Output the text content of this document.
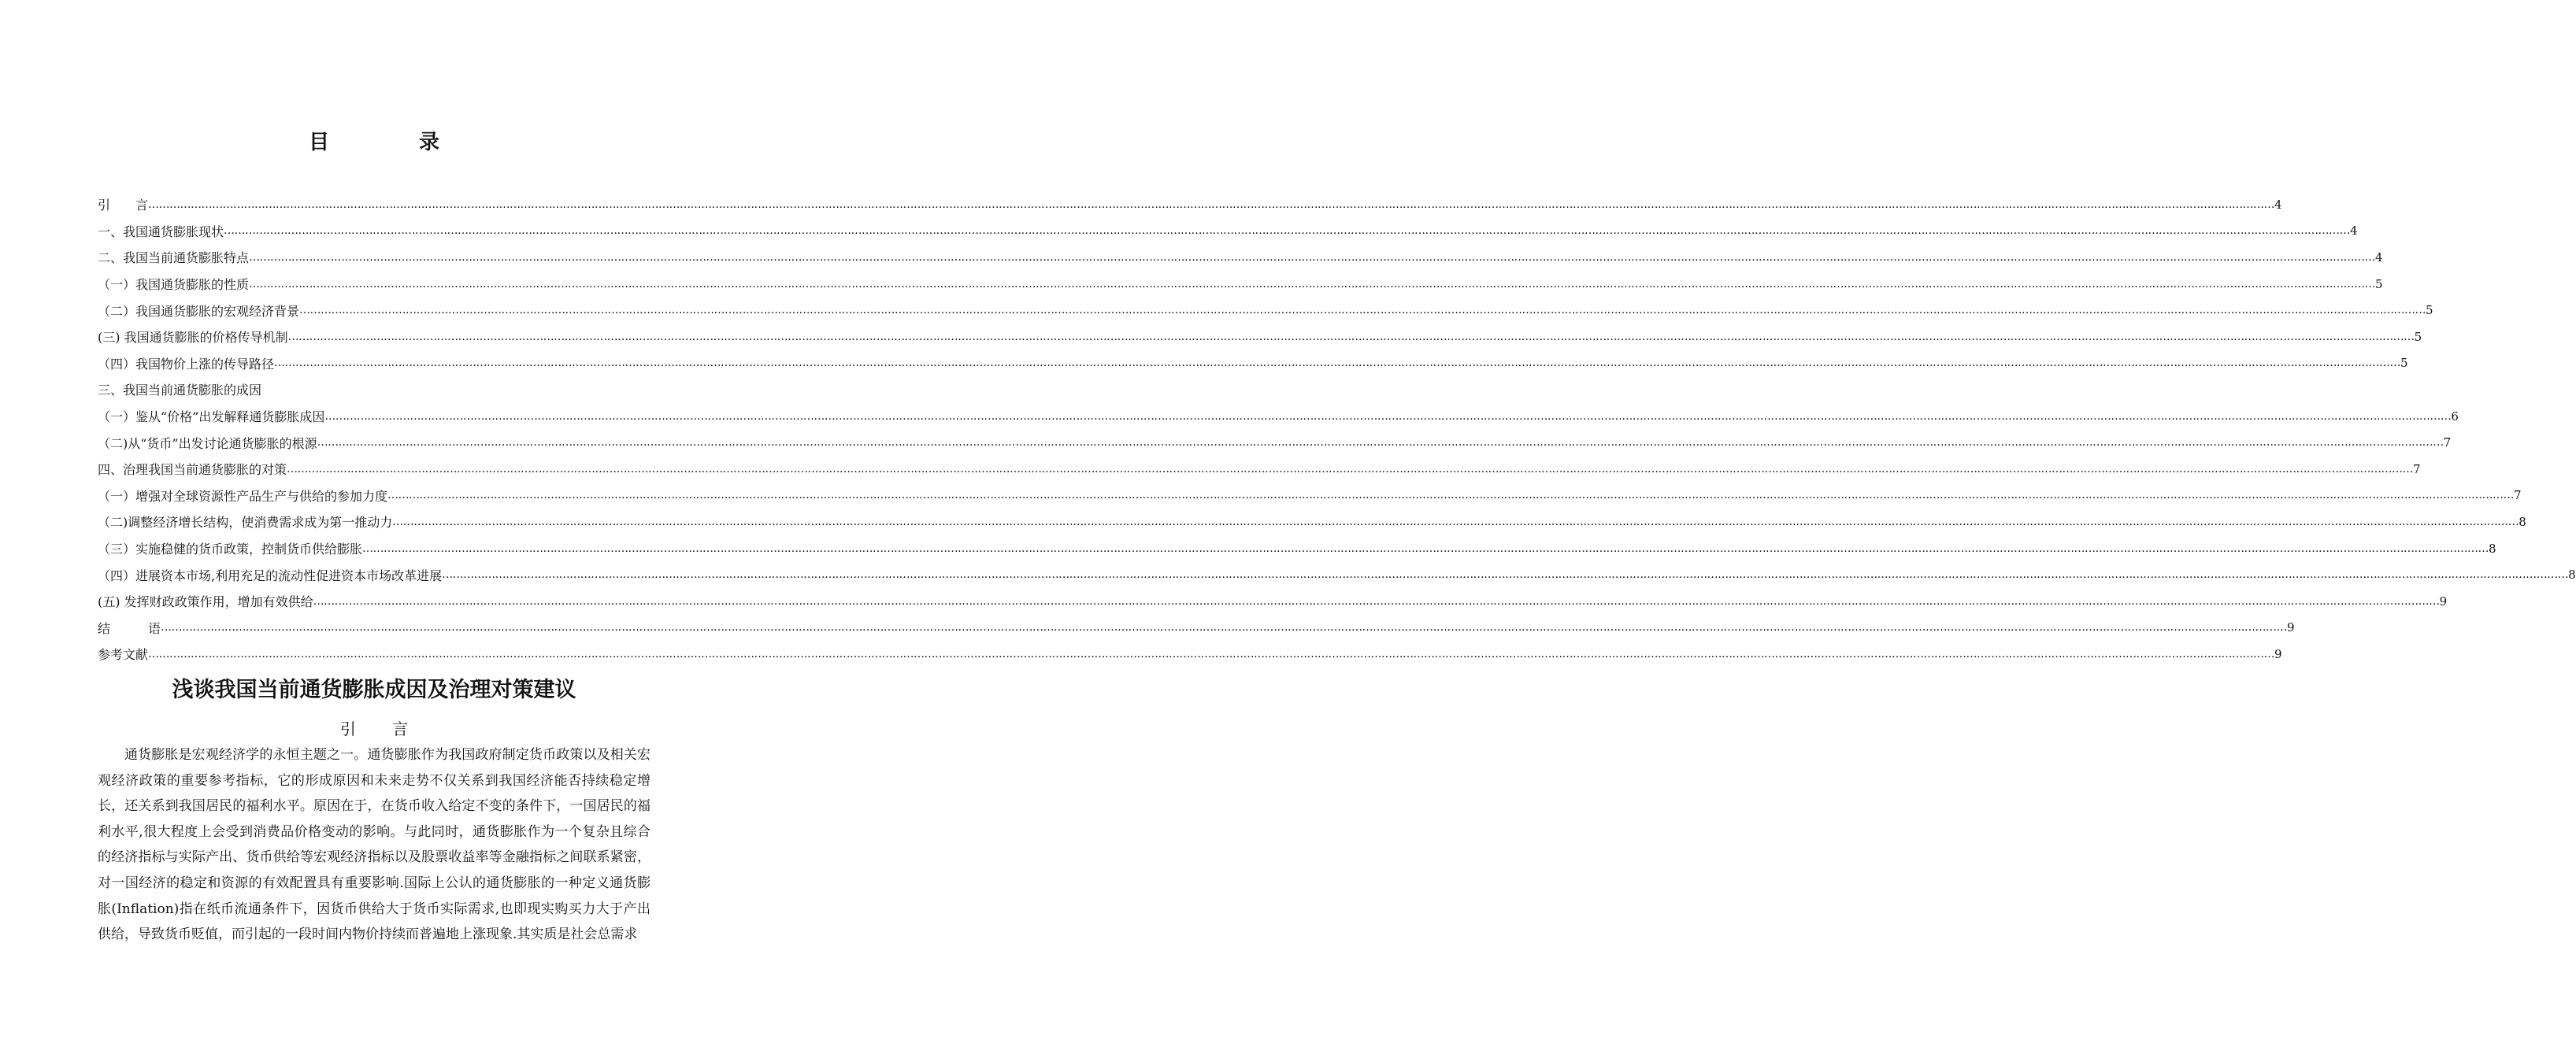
目　录
引　　言 …………………………………………………………………………………………………………………………………………………………………………………………………………………………………………………………………………………………………………………………………………………………………………………………………………………………………………………………………………………………………………………………………………………… 4
一、我国通货膨胀现状 …………………………………………………………………………………………………………………………………………………………………………………………………………………………………………………………………………………………………………………………………………………………………………………………………………………………………………………………………………………………………………………………………………………… 4
二、我国当前通货膨胀特点 …………………………………………………………………………………………………………………………………………………………………………………………………………………………………………………………………………………………………………………………………………………………………………………………………………………………………………………………………………………………………………………………………………………… 4
（一）我国通货膨胀的性质 …………………………………………………………………………………………………………………………………………………………………………………………………………………………………………………………………………………………………………………………………………………………………………………………………………………………………………………………………………………………………………………………………………………… 5
（二）我国通货膨胀的宏观经济背景 …………………………………………………………………………………………………………………………………………………………………………………………………………………………………………………………………………………………………………………………………………………………………………………………………………………………………………………………………………………………………………………………………………………… 5
(三) 我国通货膨胀的价格传导机制 …………………………………………………………………………………………………………………………………………………………………………………………………………………………………………………………………………………………………………………………………………………………………………………………………………………………………………………………………………………………………………………………………………………… 5
（四）我国物价上涨的传导路径 …………………………………………………………………………………………………………………………………………………………………………………………………………………………………………………………………………………………………………………………………………………………………………………………………………………………………………………………………………………………………………………………………………………… 5
三、我国当前通货膨胀的成因
（一）鉴从“价格”出发解释通货膨胀成因 …………………………………………………………………………………………………………………………………………………………………………………………………………………………………………………………………………………………………………………………………………………………………………………………………………………………………………………………………………………………………………………………………………………… 6
（二)从“货币”出发讨论通货膨胀的根源 …………………………………………………………………………………………………………………………………………………………………………………………………………………………………………………………………………………………………………………………………………………………………………………………………………………………………………………………………………………………………………………………………………………… 7
四、治理我国当前通货膨胀的对策 …………………………………………………………………………………………………………………………………………………………………………………………………………………………………………………………………………………………………………………………………………………………………………………………………………………………………………………………………………………………………………………………………………………… 7
（一）增强对全球资源性产品生产与供给的参加力度 …………………………………………………………………………………………………………………………………………………………………………………………………………………………………………………………………………………………………………………………………………………………………………………………………………………………………………………………………………………………………………………………………………………… 7
（二)调整经济增长结构，使消费需求成为第一推动力 …………………………………………………………………………………………………………………………………………………………………………………………………………………………………………………………………………………………………………………………………………………………………………………………………………………………………………………………………………………………………………………………………………………… 8
（三）实施稳健的货币政策，控制货币供给膨胀 …………………………………………………………………………………………………………………………………………………………………………………………………………………………………………………………………………………………………………………………………………………………………………………………………………………………………………………………………………………………………………………………………………………… 8
（四）进展资本市场,利用充足的流动性促进资本市场改革进展 …………………………………………………………………………………………………………………………………………………………………………………………………………………………………………………………………………………………………………………………………………………………………………………………………………………………………………………………………………………………………………………………………………………… 8
(五) 发挥财政政策作用，增加有效供给 …………………………………………………………………………………………………………………………………………………………………………………………………………………………………………………………………………………………………………………………………………………………………………………………………………………………………………………………………………………………………………………………………………………… 9
结　　　语 …………………………………………………………………………………………………………………………………………………………………………………………………………………………………………………………………………………………………………………………………………………………………………………………………………………………………………………………………………………………………………………………………………………… 9
参考文献 …………………………………………………………………………………………………………………………………………………………………………………………………………………………………………………………………………………………………………………………………………………………………………………………………………………………………………………………………………………………………………………………………………………… 9
浅谈我国当前通货膨胀成因及治理对策建议
引 言

通货膨胀是宏观经济学的永恒主题之一。通货膨胀作为我国政府制定货币政策以及相关宏观经济政策的重要参考指标，它的形成原因和未来走势不仅关系到我国经济能否持续稳定增长，还关系到我国居民的福利水平。原因在于，在货币收入给定不变的条件下，一国居民的福利水平,很大程度上会受到消费品价格变动的影响。与此同时，通货膨胀作为一个复杂且综合的经济指标与实际产出、货币供给等宏观经济指标以及股票收益率等金融指标之间联系紧密，对一国经济的稳定和资源的有效配置具有重要影响.国际上公认的通货膨胀的一种定义通货膨胀(Inflation)指在纸币流通条件下，因货币供给大于货币实际需求,也即现实购买力大于产出供给，导致货币贬值，而引起的一段时间内物价持续而普遍地上涨现象.其实质是社会总需求
